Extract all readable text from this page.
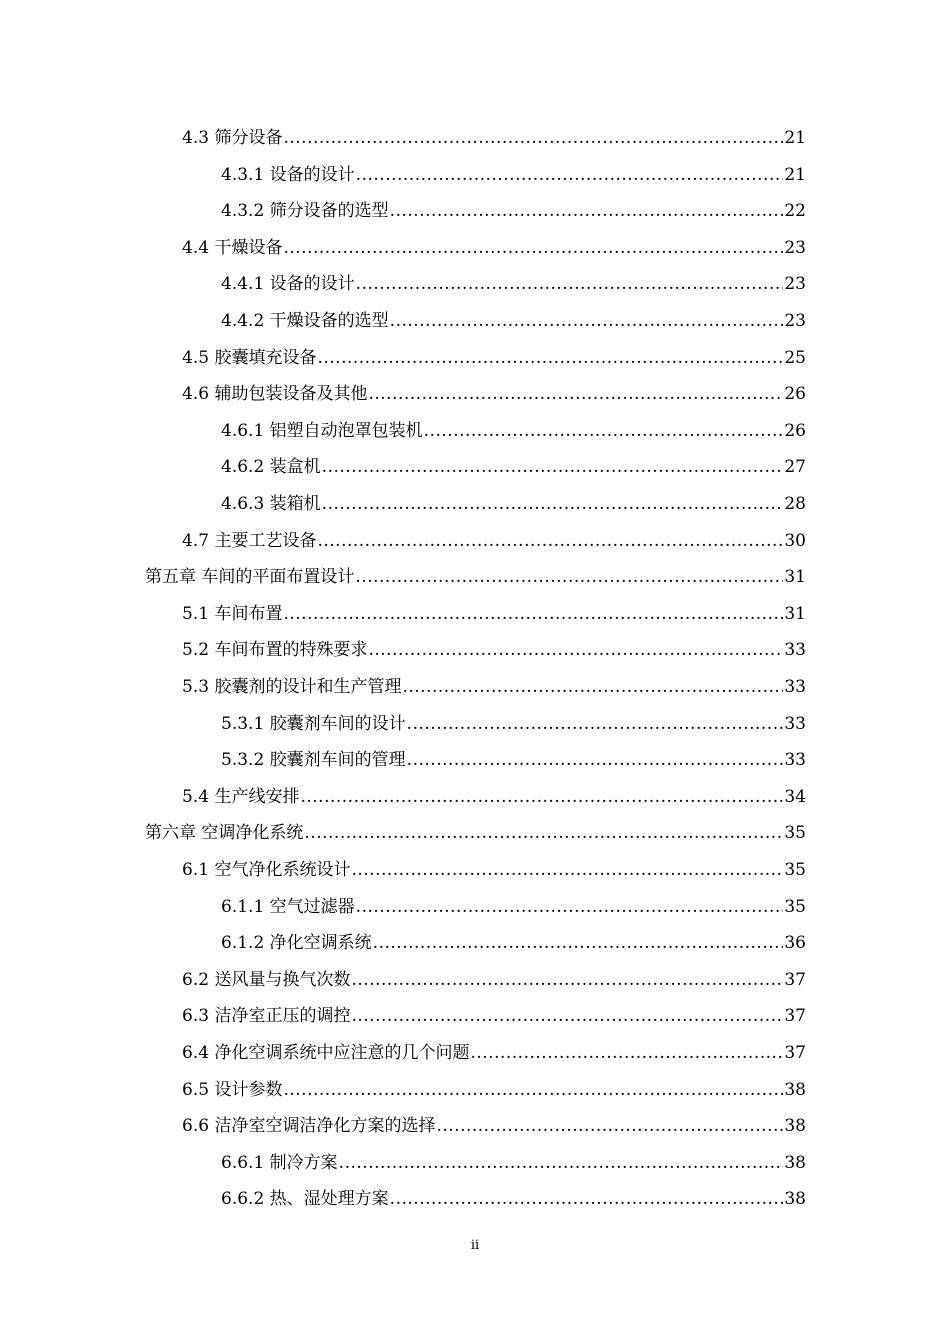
4.3 筛分设备 .....	21
4.3.1 设备的设计 .....	21
4.3.2 筛分设备的选型 .....	22
4.4 干燥设备 .....	23
4.4.1 设备的设计 .....	23
4.4.2 干燥设备的选型 .....	23
4.5 胶囊填充设备 .....	25
4.6 辅助包装设备及其他 .....	26
4.6.1 铝塑自动泡罩包装机 .....	26
4.6.2 装盒机 .....	27
4.6.3 装箱机 .....	28
4.7 主要工艺设备 .....	30
第五章 车间的平面布置设计 .....	31
5.1 车间布置 .....	31
5.2 车间布置的特殊要求 .....	33
5.3 胶囊剂的设计和生产管理 .....	33
5.3.1 胶囊剂车间的设计 .....	33
5.3.2 胶囊剂车间的管理 .....	33
5.4 生产线安排 .....	34
第六章 空调净化系统 .....	35
6.1 空气净化系统设计 .....	35
6.1.1 空气过滤器 .....	35
6.1.2 净化空调系统 .....	36
6.2 送风量与换气次数 .....	37
6.3 洁净室正压的调控 .....	37
6.4 净化空调系统中应注意的几个问题 .....	37
6.5 设计参数 .....	38
6.6 洁净室空调洁净化方案的选择 .....	38
6.6.1 制冷方案 .....	38
6.6.2 热、湿处理方案 .....	38
ii
